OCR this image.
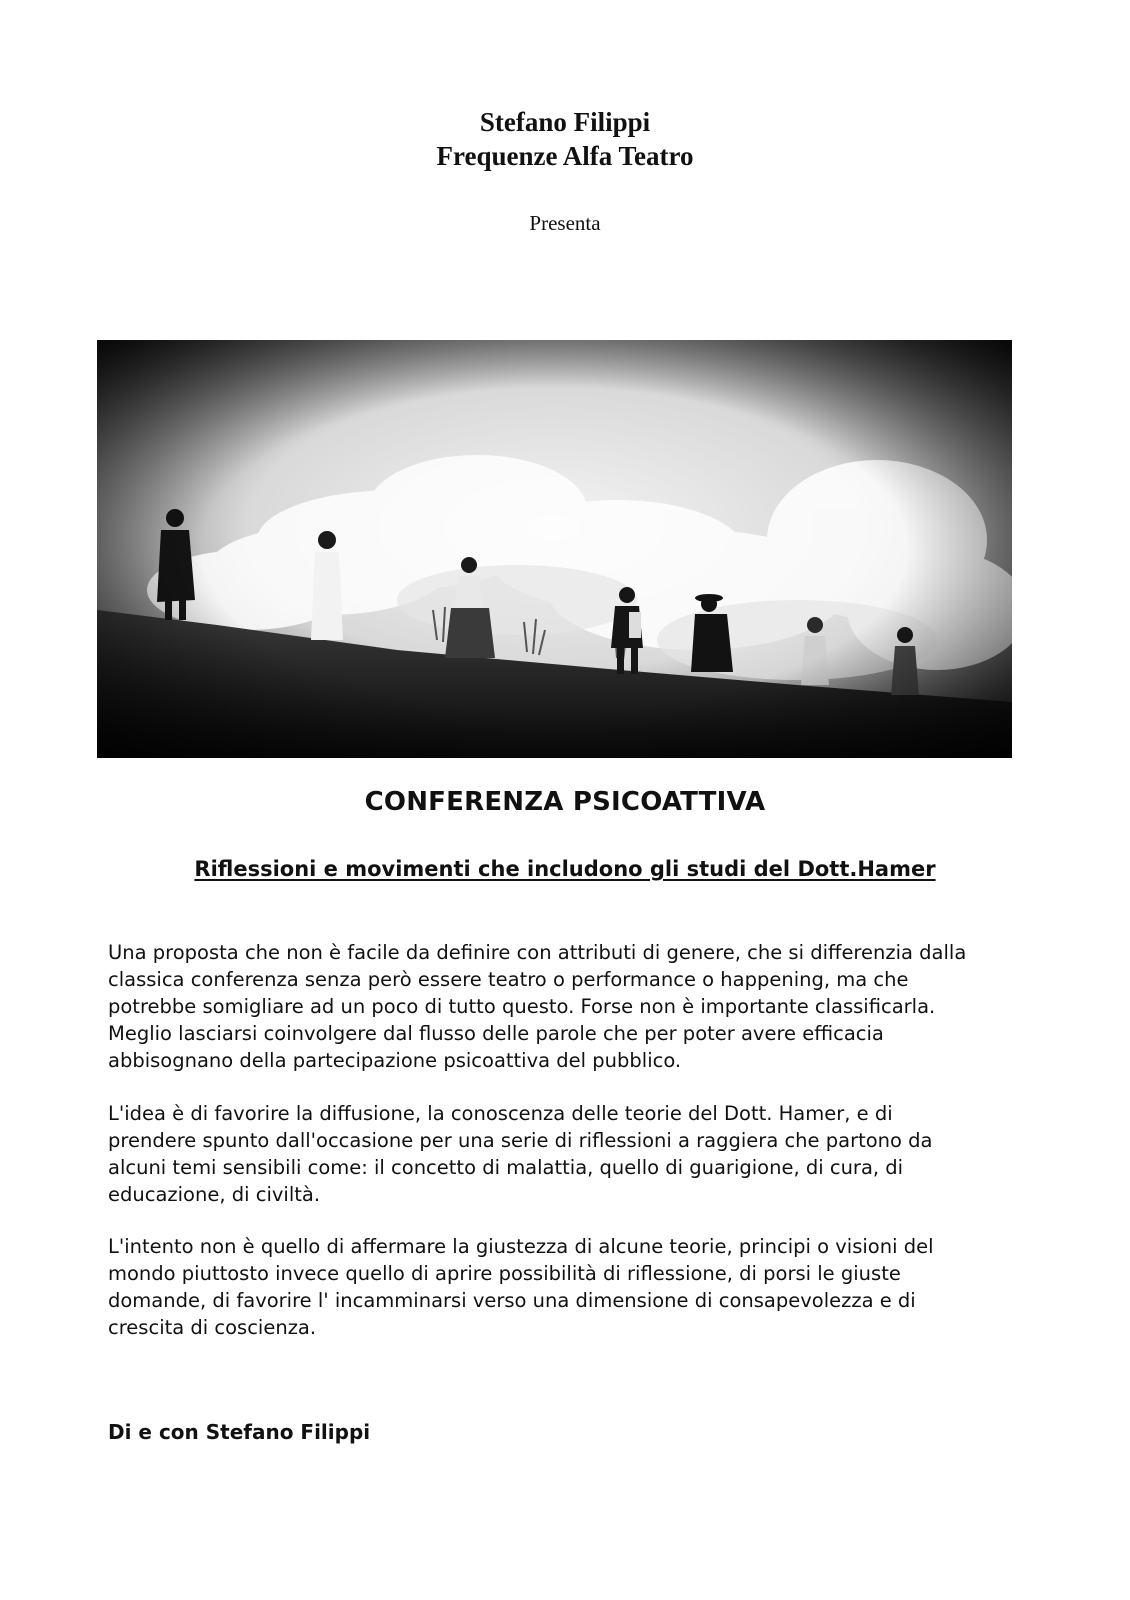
Stefano Filippi
Frequenze Alfa Teatro
Presenta
CONFERENZA PSICOATTIVA
Riflessioni e movimenti che includono gli studi del Dott.Hamer

Una proposta che non è facile da definire con attributi di genere, che si differenzia dalla
classica conferenza senza però essere teatro o performance o happening, ma che
potrebbe somigliare ad un poco di tutto questo. Forse non è importante classificarla.
Meglio lasciarsi coinvolgere dal flusso delle parole che per poter avere efficacia
abbisognano della partecipazione psicoattiva del pubblico.

L'idea è di favorire la diffusione, la conoscenza delle teorie del Dott. Hamer, e di
prendere spunto dall'occasione per una serie di riflessioni a raggiera che partono da
alcuni temi sensibili come: il concetto di malattia, quello di guarigione, di cura, di
educazione, di civiltà.

L'intento non è quello di affermare la giustezza di alcune teorie, principi o visioni del
mondo piuttosto invece quello di aprire possibilità di riflessione, di porsi le giuste
domande, di favorire l' incamminarsi verso una dimensione di consapevolezza e di
crescita di coscienza.

Di e con Stefano Filippi
